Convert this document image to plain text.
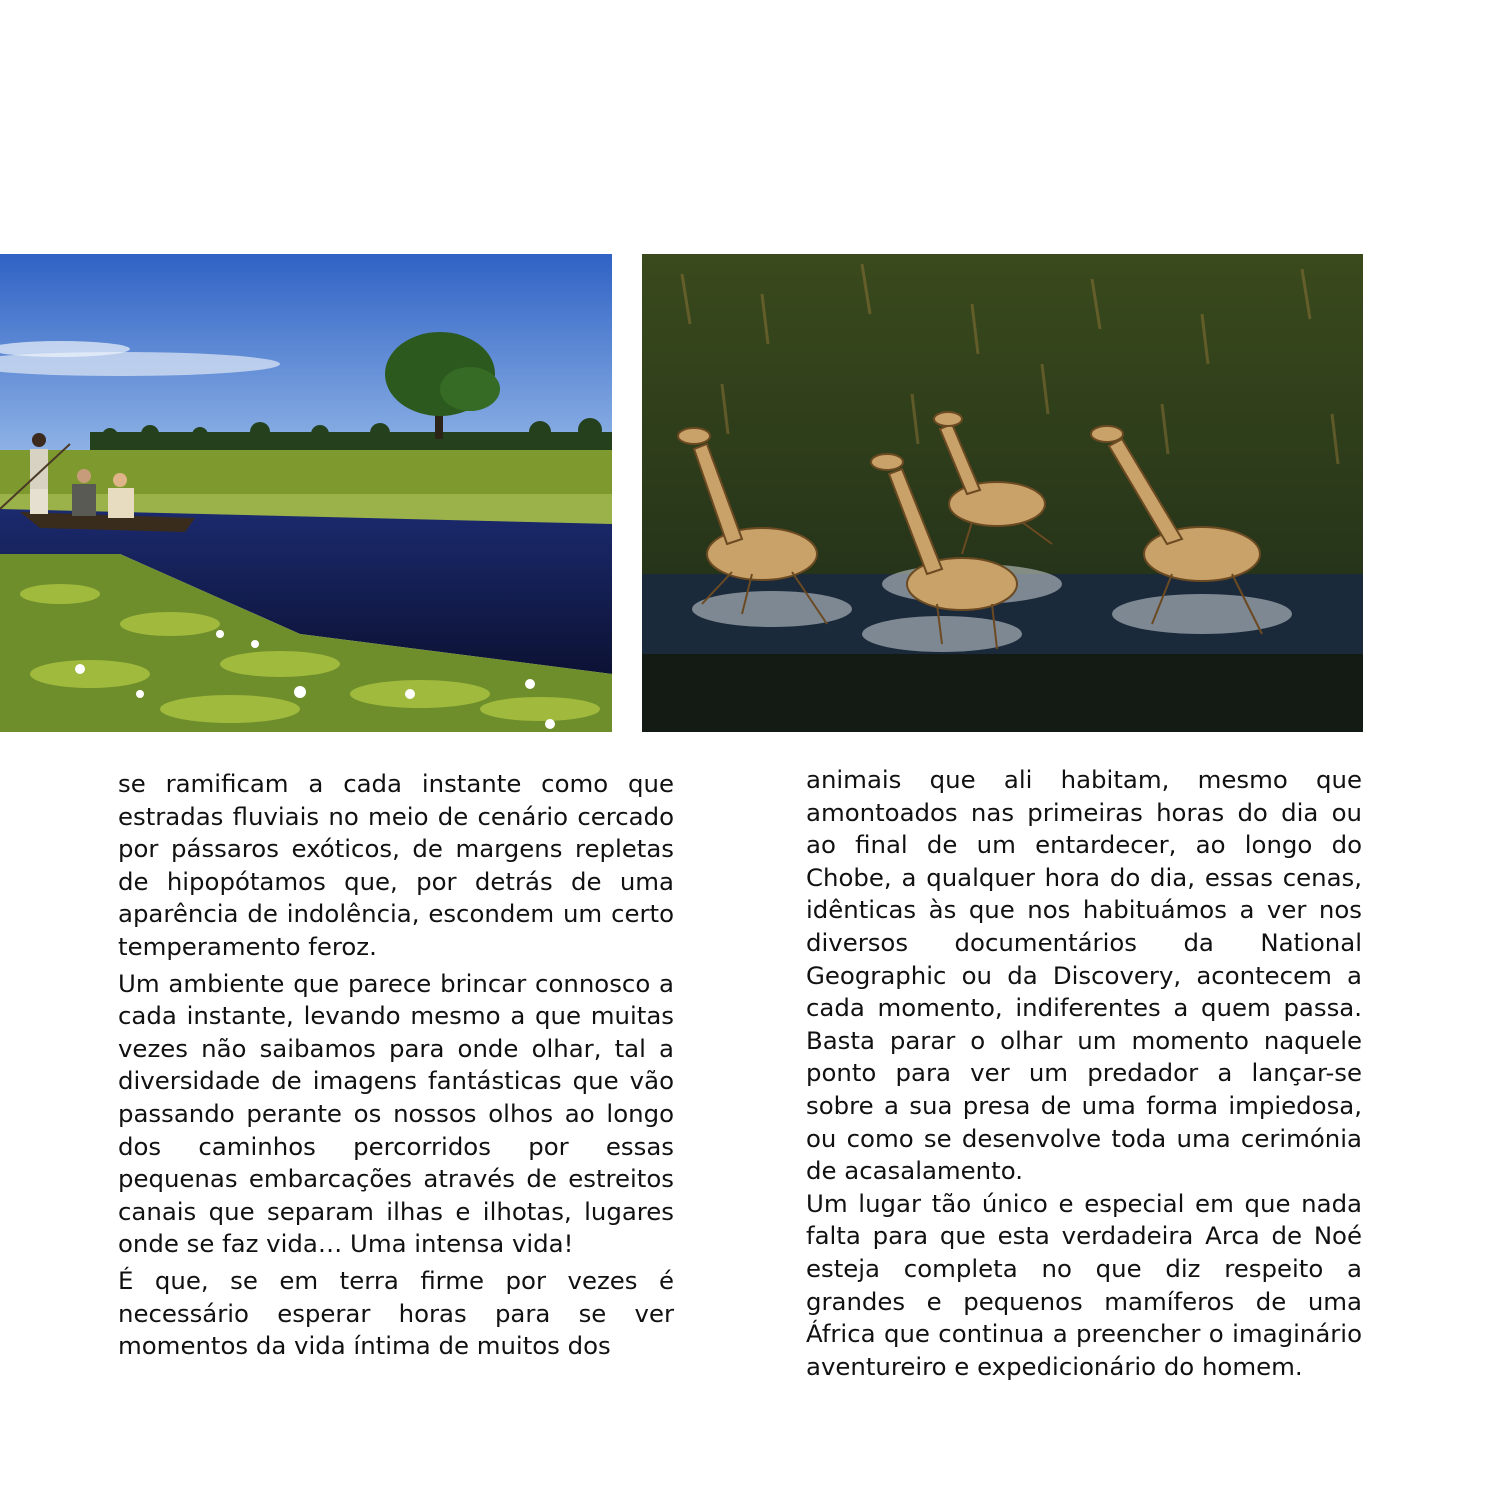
se ramificam a cada instante como que estradas fluviais no meio de cenário cercado por pássaros exóticos, de margens repletas de hipopótamos que, por detrás de uma aparência de indolência, escondem um certo temperamento feroz.

Um ambiente que parece brincar connosco a cada instante, levando mesmo a que muitas vezes não saibamos para onde olhar, tal a diversidade de imagens fantásticas que vão passando perante os nossos olhos ao longo dos caminhos percorridos por essas pequenas embarcações através de estreitos canais que separam ilhas e ilhotas, lugares onde se faz vida… Uma intensa vida!

É que, se em terra firme por vezes é necessário esperar horas para se ver momentos da vida íntima de muitos dos

animais que ali habitam, mesmo que amontoados nas primeiras horas do dia ou ao final de um entardecer, ao longo do Chobe, a qualquer hora do dia, essas cenas, idênticas às que nos habituámos a ver nos diversos documentários da National Geographic ou da Discovery, acontecem a cada momento, indiferentes a quem passa. Basta parar o olhar um momento naquele ponto para ver um predador a lançar-se sobre a sua presa de uma forma impiedosa, ou como se desenvolve toda uma cerimónia de acasalamento.

Um lugar tão único e especial em que nada falta para que esta verdadeira Arca de Noé esteja completa no que diz respeito a grandes e pequenos mamíferos de uma África que continua a preencher o imaginário aventureiro e expedicionário do homem.
